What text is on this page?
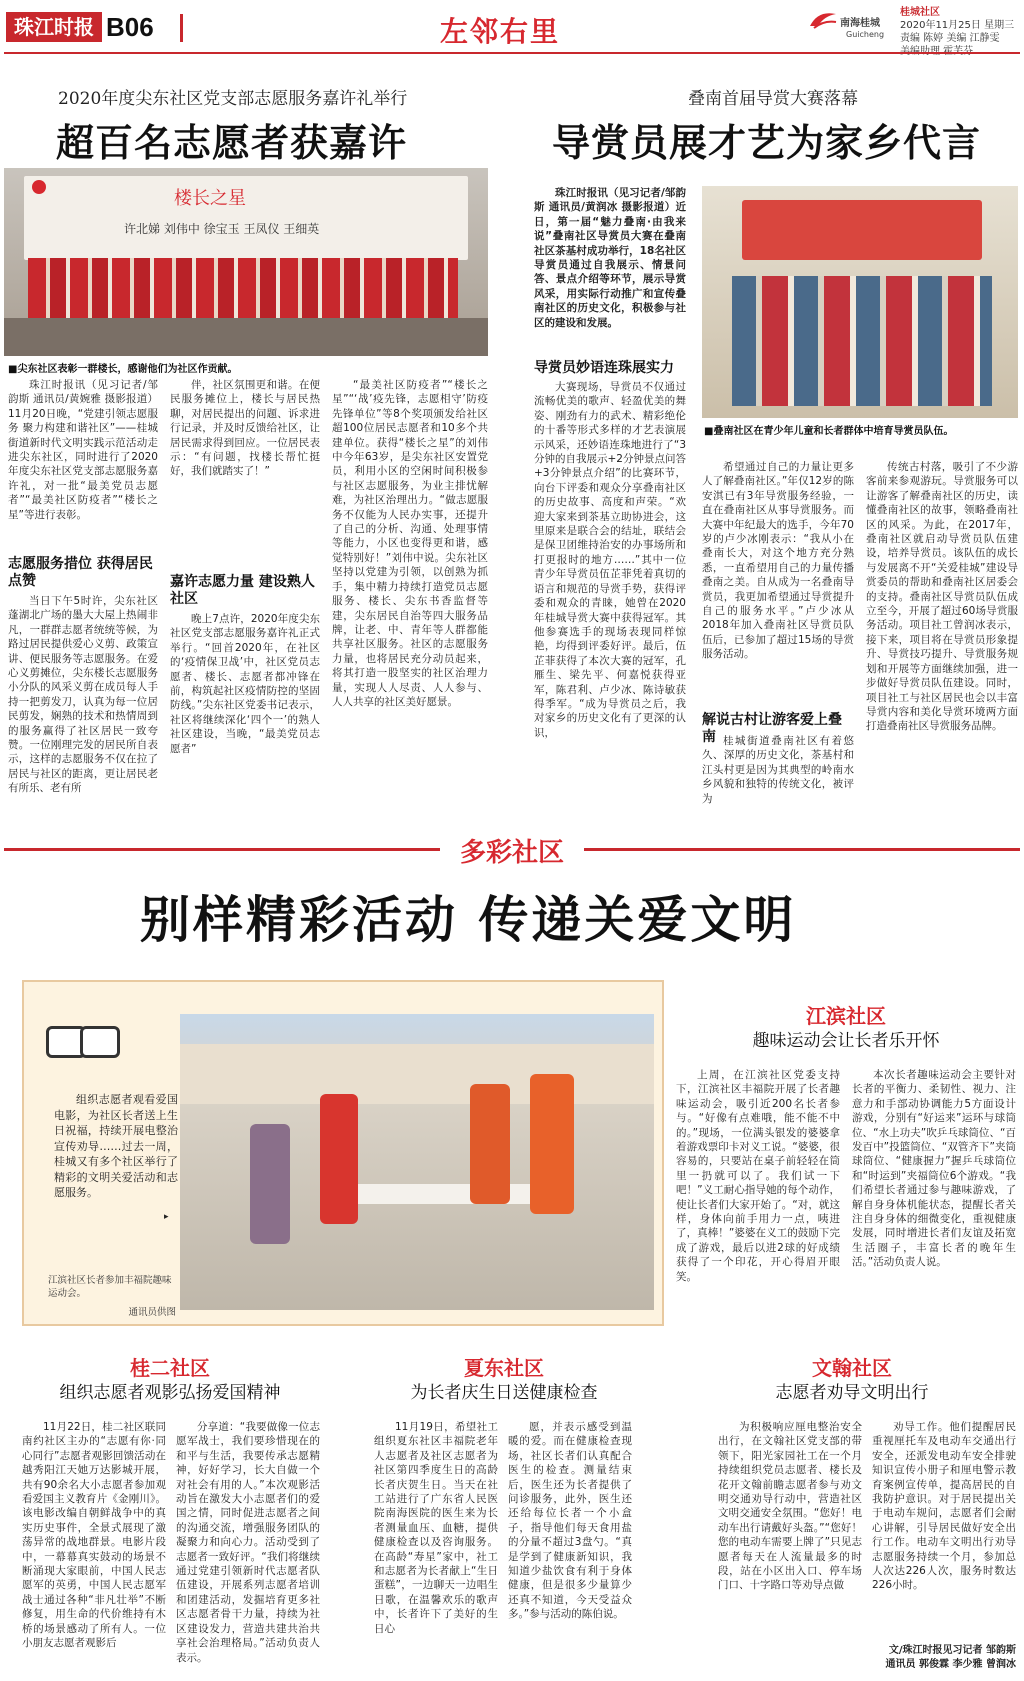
珠江时报 B06	左邻右里	南海桂城
Guicheng
桂城社区
2020年11月25日 星期三
责编 陈婷 美编 江静雯
2020年度尖东社区党支部志愿服务嘉许礼举行
超百名志愿者获嘉许
楼长之星
许北娣 刘伟中 徐宝玉 王凤仪 王细英
■尖东社区表彰一群楼长，感谢他们为社区作贡献。

珠江时报讯（见习记者/邹韵斯 通讯员/黄婉雅 摄影报道）11月20日晚，“党建引领志愿服务 聚力构建和谐社区”——桂城街道新时代文明实践示范活动走进尖东社区，同时进行了2020年度尖东社区党支部志愿服务嘉许礼，对一批“最美党员志愿者”“最美社区防疫者”“楼长之星”等进行表彰。

志愿服务措位 获得居民点赞

当日下午5时许，尖东社区蓬湖北广场的墨大大屋上热闹非凡，一群群志愿者统统等候，为路过居民提供爱心义剪、政策宣讲、便民服务等志愿服务。在爱心义剪摊位，尖东楼长志愿服务小分队的风采义剪在成员每人手持一把剪发刀，认真为每一位居民剪发，娴熟的技术和热情周到的服务赢得了社区居民一致夸赞。一位刚理完发的居民所自表示，这样的志愿服务不仅在拉了居民与社区的距离，更让居民老有所乐、老有所

伴，社区氛围更和谐。在便民服务摊位上，楼长与居民热聊，对居民提出的问题、诉求进行记录，并及时反馈给社区，让居民需求得到回应。一位居民表示：“有问题，找楼长帮忙挺好，我们就踏实了！”

嘉许志愿力量 建设熟人社区

晚上7点许，2020年度尖东社区党支部志愿服务嘉许礼正式举行。“回首2020年，在社区的‘疫情保卫战’中，社区党员志愿者、楼长、志愿者都冲锋在前，构筑起社区疫情防控的坚固防线。”尖东社区党委书记表示，社区将继续深化‘四个一’的熟人社区建设，当晚，“最美党员志愿者”

“最美社区防疫者”“楼长之星”“‘战’疫先锋，志愿相守’防疫先锋单位”等8个奖项颁发给社区超100位居民志愿者和10多个共建单位。获得“楼长之星”的刘伟中今年63岁，是尖东社区安置党员，利用小区的空闲时间积极参与社区志愿服务，为业主排忧解难，为社区治理出力。“做志愿服务不仅能为人民办实事，还提升了自己的分析、沟通、处理事情等能力，小区也变得更和谐，感觉特别好！”刘伟中说。尖东社区坚持以党建为引领，以创熟为抓手，集中精力持续打造党员志愿服务、楼长、尖东书香监督等建，尖东居民自治等四大服务品牌，让老、中、青年等人群都能共享社区服务。社区的志愿服务力量，也将居民充分动员起来，将其打造一股坚实的社区治理力量，实现人人尽责、人人参与、人人共享的社区美好愿景。

叠南首届导赏大赛落幕
导赏员展才艺为家乡代言

珠江时报讯（见习记者/邹韵斯 通讯员/黄润冰 摄影报道）近日，第一届“魅力叠南·由我来说”叠南社区导赏员大赛在叠南社区茶基村成功举行，18名社区导赏员通过自我展示、情景问答、景点介绍等环节，展示导赏风采，用实际行动推广和宣传叠南社区的历史文化，积极参与社区的建设和发展。

■叠南社区在青少年儿童和长者群体中培育导赏员队伍。
导赏员妙语连珠展实力

大赛现场，导赏员不仅通过流畅优美的歌声、轻盈优美的舞姿、刚劲有力的武术、精彩绝伦的十番等形式多样的才艺表演展示风采，还妙语连珠地进行了“3分钟的自我展示+2分钟景点问答+3分钟景点介绍”的比赛环节，向台下评委和观众分享叠南社区的历史故事、高度和声荣。“欢迎大家来到茶基立助协进会，这里原来是联合会的结址，联结会是保卫团维持治安的办事场所和打更报时的地方……”其中一位青少年导赏员伍芷菲凭着真切的语言和规范的导赏手势，获得评委和观众的青睐，她曾在2020年桂城导赏大赛中获得冠军。其他参赛选手的现场表现同样惊艳，均得到评委好评。最后，伍芷菲获得了本次大赛的冠军，孔雁生、梁先平、何嘉悦获得亚军，陈君利、卢少冰、陈诗敏获得季军。“成为导赏员之后，我对家乡的历史文化有了更深的认识，

希望通过自己的力量让更多人了解叠南社区。”年仅12岁的陈安淇已有3年导赏服务经验，一直在叠南社区从事导赏服务。而大赛中年纪最大的选手，今年70岁的卢少冰刚表示：“我从小在叠南长大，对这个地方充分熟悉，一直希望用自己的力量传播叠南之美。自从成为一名叠南导赏员，我更加希望通过导赏提升自己的服务水平。”卢少冰从2018年加入叠南社区导赏员队伍后，已参加了超过15场的导赏服务活动。

解说古村让游客爱上叠南 桂城街道叠南社区有着悠久、深厚的历史文化，茶基村和江头村更是因为其典型的岭南水乡风貌和独特的传统文化，被评为

传统古村落，吸引了不少游客前来参观游玩。导赏服务可以让游客了解叠南社区的历史，读懂叠南社区的故事，领略叠南社区的风采。为此，在2017年，叠南社区就启动导赏员队伍建设，培养导赏员。该队伍的成长与发展离不开“关爱桂城”建设导赏委员的帮助和叠南社区居委会的支持。叠南社区导赏员队伍成立至今，开展了超过60场导赏服务活动。项目社工曾润冰表示，接下来，项目将在导赏员形象提升、导赏技巧提升、导赏服务规划和开展等方面继续加强，进一步做好导赏员队伍建设。同时，项目社工与社区居民也会以丰富导赏内容和美化导赏环境两方面打造叠南社区导赏服务品牌。

多彩社区
别样精彩活动 传递关爱文明

组织志愿者观看爱国电影，为社区长者送上生日祝福，持续开展电整治宣传劝导……过去一周，桂城又有多个社区举行了精彩的文明关爱活动和志愿服务。

▸
江滨社区长者参加丰福院趣味运动会。
通讯员供图
江滨社区
趣味运动会让长者乐开怀

上周，在江滨社区党委支持下，江滨社区丰福院开展了长者趣味运动会，吸引近200名长者参与。“好像有点难哦，能不能不中的。”现场，一位满头银发的婆婆拿着游戏票印卡对义工说。“婆婆，很容易的，只要站在桌子前轻轻在筒里一扔就可以了。我们试一下吧！”义工耐心指导她的每个动作，使让长者们大家开始了。“对，就这样，身体向前手用力一点，咦进了，真棒！”婆婆在义工的鼓励下完成了游戏，最后以进2球的好成绩获得了一个印花，开心得眉开眼笑。

本次长者趣味运动会主要针对长者的平衡力、柔韧性、视力、注意力和手部动协调能力5方面设计游戏，分别有“好运来”运环与球筒位、“水上功夫”吹乒乓球筒位、“百发百中”投篮筒位、“双管齐下”夹筒球筒位、“健康握力”握乒乓球筒位和“时运到”夹福筒位6个游戏。“我们希望长者通过参与趣味游戏，了解自身身体机能状态，提醒长者关注自身身体的细微变化，重视健康发展，同时增进长者们友谊及拓宽生活圈子，丰富长者的晚年生活。”活动负责人说。

桂二社区
组织志愿者观影弘扬爱国精神

11月22日，桂二社区联同南约社区主办的“志愿有你·同心同行”志愿者观影回馈活动在越秀阳江天她万达影城开展，共有90余名大小志愿者参加观看爱国主义教育片《金刚川》。该电影改编自朝鲜战争中的真实历史事件，全景式展现了激荡异常的战地群景。电影片段中，一幕幕真实鼓动的场景不断涌现大家眼前，中国人民志愿军的英勇，中国人民志愿军战士通过各种“非凡壮举”不断修复，用生命的代价维持有木桥的场景感动了所有人。一位小朋友志愿者观影后

分享道：“我要做像一位志愿军战士，我们要珍惜现在的和平与生活，我要传承志愿精神，好好学习，长大自做一个对社会有用的人。”本次观影活动旨在激发大小志愿者们的爱国之情，同时促进志愿者之间的沟通交流，增强服务团队的凝聚力和向心力。活动受到了志愿者一致好评。“我们将继续通过党建引领新时代志愿者队伍建设，开展系列志愿者培训和团建活动，发掘培育更多社区志愿者骨干力量，持续为社区建设发力，营造共建共治共享社会治理格局。”活动负责人表示。

夏东社区
为长者庆生日送健康检查

11月19日，希望社工组织夏东社区丰福院老年人志愿者及社区志愿者为社区第四季度生日的高龄长者庆贺生日。当天在社工站进行了广东省人民医院南海医院的医生来为长者测量血压、血糖，提供健康检查以及咨询服务。在高龄“寿星”家中，社工和志愿者为长者献上“生日蛋糕”，一边聊天一边唱生日歌，在温馨欢乐的歌声中，长者许下了美好的生日心

愿，并表示感受到温暖的爱。而在健康检查现场，社区长者们认真配合医生的检查。测量结束后，医生还为长者提供了问诊服务，此外，医生还还给每位长者一个小盒子，指导他们每天食用盐的分量不超过3盘勺。“真是学到了健康新知识，我知道少盐饮食有利于身体健康，但是很多少量算少还真不知道，今天受益众多。”参与活动的陈伯说。

文翰社区
志愿者劝导文明出行

为积极响应厘电整治安全出行，在文翰社区党支部的带领下，阳光家园社工在一个月持续组织党员志愿者、楼长及花开文翰前瞻志愿者参与劝文明交通劝导行动中，营造社区文明交通安全氛围。“您好！电动车出行请戴好头盔。”“您好！您的电动车需要上牌了”只见志愿者每天在人流量最多的时段，站在小区出入口、停车场门口、十字路口等劝导点做

劝导工作。他们提醒居民重视厘托车及电动车交通出行安全，还派发电动车安全排驶知识宣传小册子和厘电警示教育案例宣传单，提高居民的自我防护意识。对于居民提出关于电动车规问，志愿者们会耐心讲解，引导居民做好安全出行工作。电动车文明出行劝导志愿服务持续一个月，参加总人次达226人次，服务时数达226小时。

文/珠江时报见习记者 邹韵斯
通讯员 郭俊霖 李少雅 曾润冰
